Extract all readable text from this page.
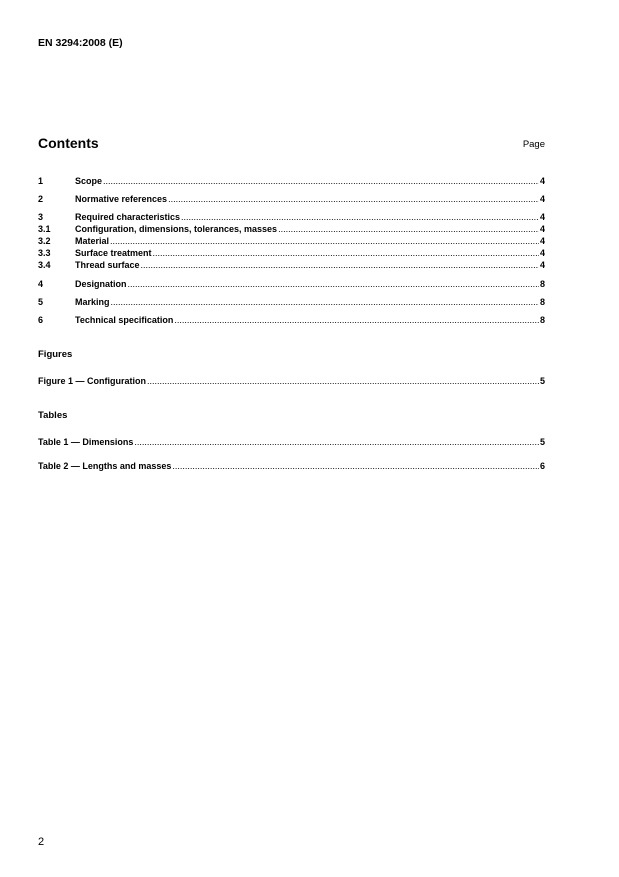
EN 3294:2008 (E)
Contents	Page
1	Scope .....	4
2	Normative references .....	4
3	Required characteristics .....	4
3.1	Configuration, dimensions, tolerances, masses .....	4
3.2	Material .....	4
3.3	Surface treatment .....	4
3.4	Thread surface .....	4
4	Designation .....	8
5	Marking .....	8
6	Technical specification .....	8
Figures
Figure 1 — Configuration .....	5
Tables
Table 1 — Dimensions .....	5
Table 2 — Lengths and masses .....	6
2
